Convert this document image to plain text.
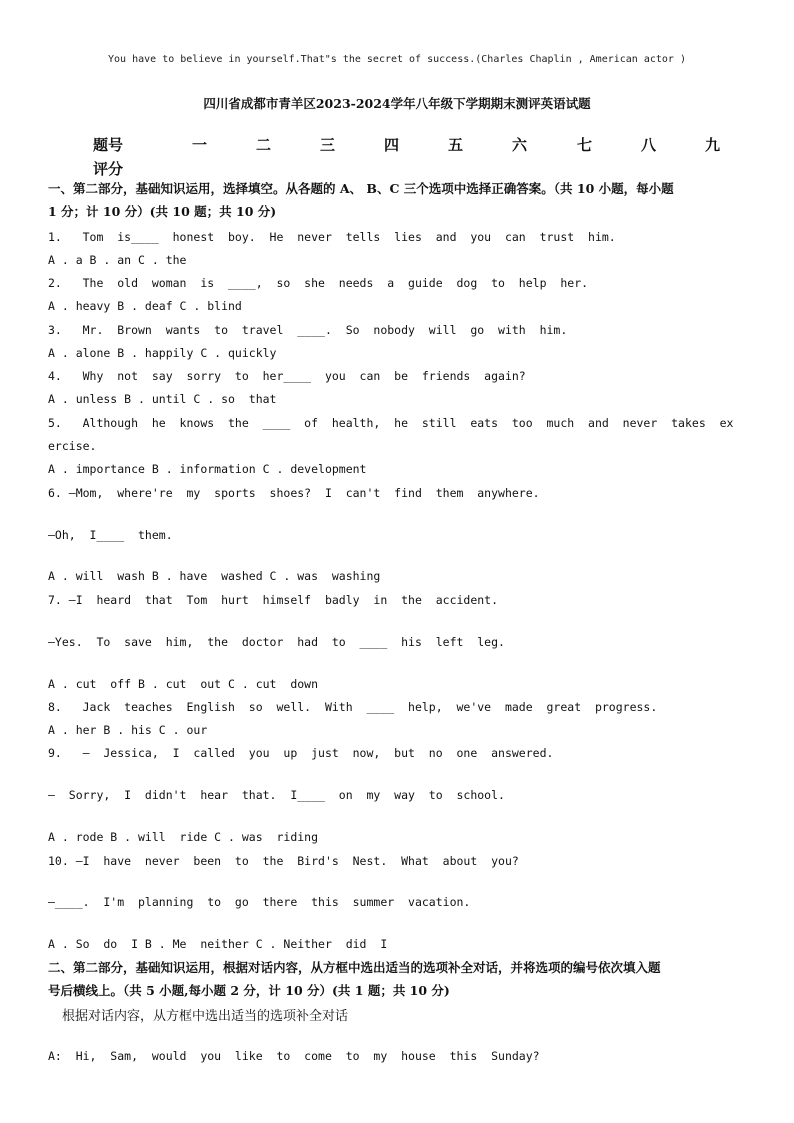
You have to believe in yourself.That"s the secret of success.(Charles Chaplin , American actor )
四川省成都市青羊区2023-2024学年八年级下学期期末测评英语试题
题号	一	二	三	四	五	六	七	八	九
评分
一、第二部分，基础知识运用，选择填空。从各题的 A、 B、C 三个选项中选择正确答案。（共 10 小题，每小题
1 分；计 10 分）(共 10 题；共 10 分)
1.   Tom  is____  honest  boy.  He  never  tells  lies  and  you  can  trust  him.
A . a B . an C . the
2.   The  old  woman  is  ____,  so  she  needs  a  guide  dog  to  help  her.
A . heavy B . deaf C . blind
3.   Mr.  Brown  wants  to  travel  ____.  So  nobody  will  go  with  him.
A . alone B . happily C . quickly
4.   Why  not  say  sorry  to  her____  you  can  be  friends  again?
A . unless B . until C . so  that
5.   Although  he  knows  the  ____  of  health,  he  still  eats  too  much  and  never  takes  ex
ercise.
A . importance B . information C . development
6. —Mom,  where're  my  sports  shoes?  I  can't  find  them  anywhere.
—Oh,  I____  them.
A . will  wash B . have  washed C . was  washing
7. —I  heard  that  Tom  hurt  himself  badly  in  the  accident.
—Yes.  To  save  him,  the  doctor  had  to  ____  his  left  leg.
A . cut  off B . cut  out C . cut  down
8.   Jack  teaches  English  so  well.  With  ____  help,  we've  made  great  progress.
A . her B . his C . our
9.   —  Jessica,  I  called  you  up  just  now,  but  no  one  answered.
—  Sorry,  I  didn't  hear  that.  I____  on  my  way  to  school.
A . rode B . will  ride C . was  riding
10. —I  have  never  been  to  the  Bird's  Nest.  What  about  you?
—____.  I'm  planning  to  go  there  this  summer  vacation.
A . So  do  I B . Me  neither C . Neither  did  I
二、第二部分，基础知识运用，根据对话内容，从方框中选出适当的选项补全对话，并将选项的编号依次填入题
号后横线上。（共 5 小题,每小题 2 分，计 10 分）(共 1 题；共 10 分)
根据对话内容，从方框中选出适当的选项补全对话
A:  Hi,  Sam,  would  you  like  to  come  to  my  house  this  Sunday?
